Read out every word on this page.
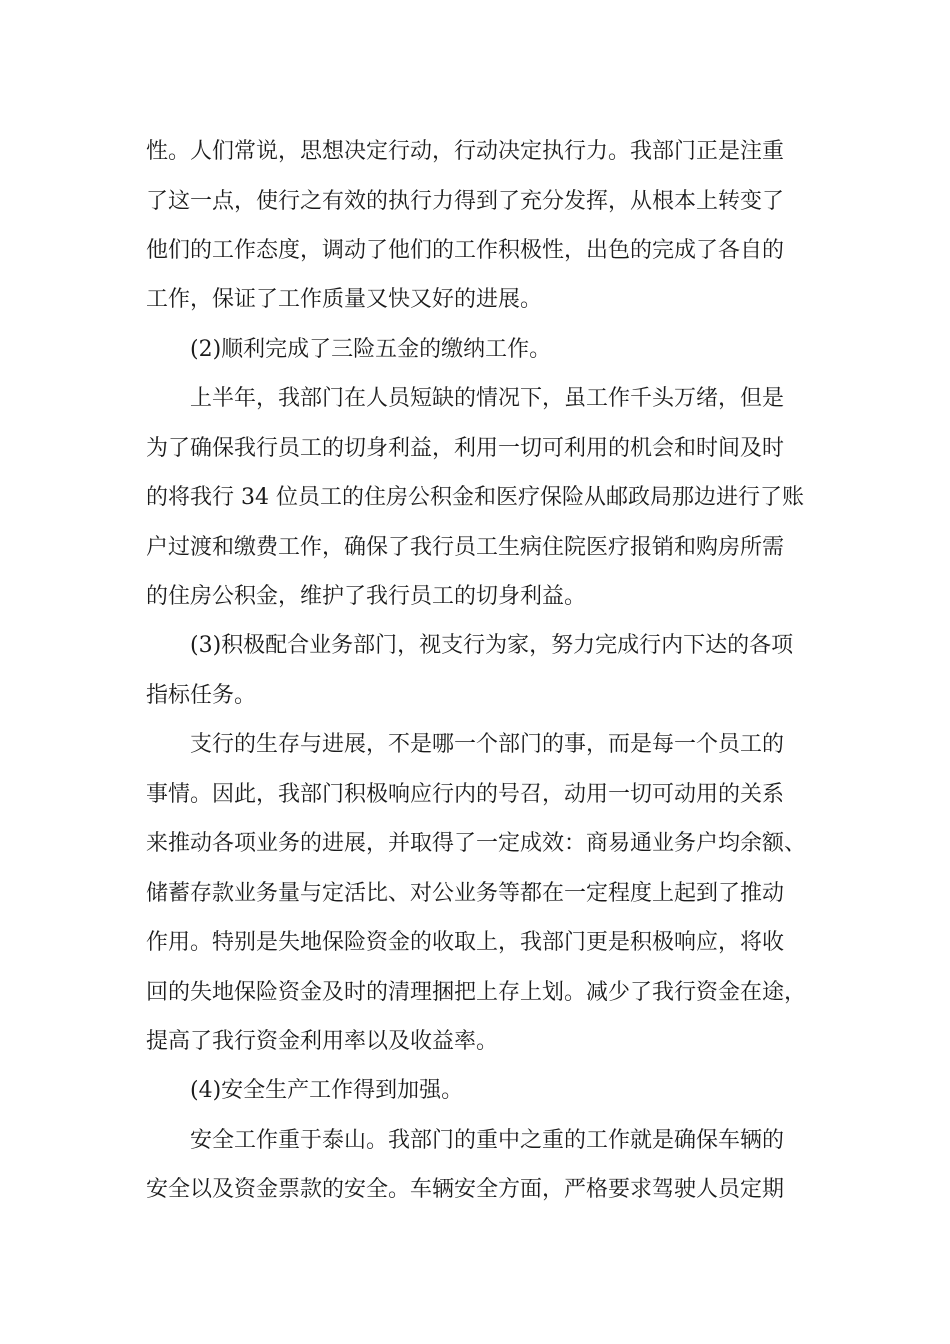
性。人们常说，思想决定行动，行动决定执行力。我部门正是注重
了这一点，使行之有效的执行力得到了充分发挥，从根本上转变了
他们的工作态度，调动了他们的工作积极性，出色的完成了各自的
工作，保证了工作质量又快又好的进展。
(2)顺利完成了三险五金的缴纳工作。
上半年，我部门在人员短缺的情况下，虽工作千头万绪，但是
为了确保我行员工的切身利益，利用一切可利用的机会和时间及时
的将我行 34 位员工的住房公积金和医疗保险从邮政局那边进行了账
户过渡和缴费工作，确保了我行员工生病住院医疗报销和购房所需
的住房公积金，维护了我行员工的切身利益。
(3)积极配合业务部门，视支行为家，努力完成行内下达的各项
指标任务。
支行的生存与进展，不是哪一个部门的事，而是每一个员工的
事情。因此，我部门积极响应行内的号召，动用一切可动用的关系
来推动各项业务的进展，并取得了一定成效：商易通业务户均余额、
储蓄存款业务量与定活比、对公业务等都在一定程度上起到了推动
作用。特别是失地保险资金的收取上，我部门更是积极响应，将收
回的失地保险资金及时的清理捆把上存上划。减少了我行资金在途，
提高了我行资金利用率以及收益率。
(4)安全生产工作得到加强。
安全工作重于泰山。我部门的重中之重的工作就是确保车辆的
安全以及资金票款的安全。车辆安全方面，严格要求驾驶人员定期
